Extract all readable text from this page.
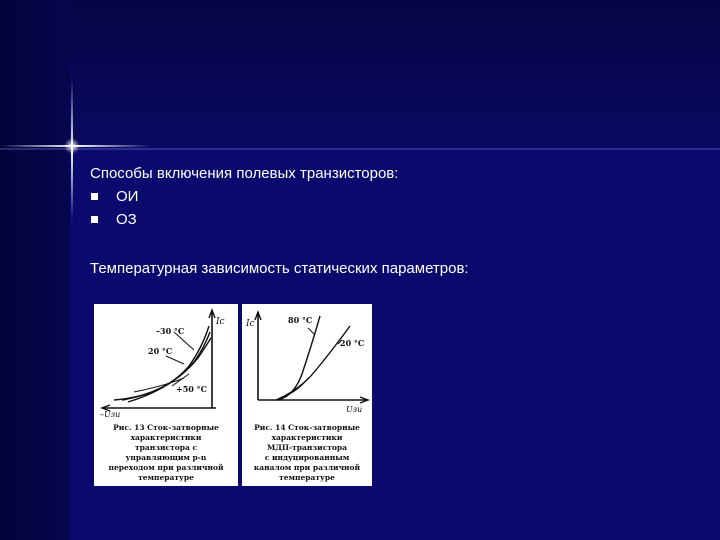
Способы включения полевых транзисторов:
ОИ
ОЗ
Температурная зависимость статических параметров:
Iс
–30 °C
20 °C
+50 °C
–Uзи
Рис. 13 Сток-затворные
характеристики
транзистора с
управляющим p-n
переходом при различной
температуре
Iс	80 °C
20 °C
Uзи
Рис. 14 Сток-затворные
характеристики
МДП-транзистора
с индуцированным
каналом при различной
температуре
